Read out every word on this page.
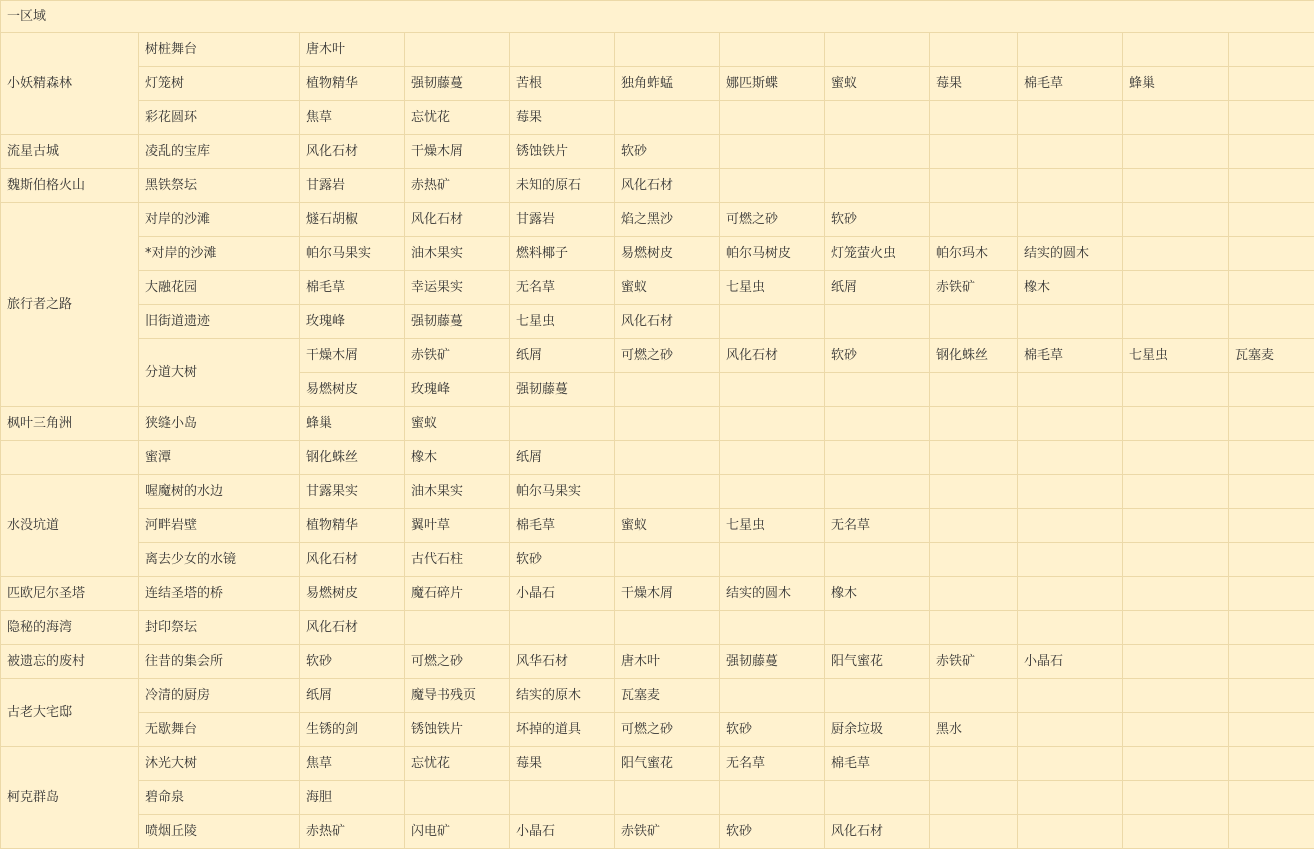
一区域											
小妖精森林	树桩舞台	唐木叶									
	灯笼树	植物精华	强韧藤蔓	苦根	独角蚱蜢	娜匹斯蝶	蜜蚁	莓果	棉毛草	蜂巢	
	彩花圆环	焦草	忘忧花	莓果							
流星古城	凌乱的宝库	风化石材	干燥木屑	锈蚀铁片	软砂						
魏斯伯格火山	黑铁祭坛	甘露岩	赤热矿	未知的原石	风化石材						
旅行者之路	对岸的沙滩	燧石胡椒	风化石材	甘露岩	焰之黑沙	可燃之砂	软砂				
	*对岸的沙滩	帕尔马果实	油木果实	燃料椰子	易燃树皮	帕尔马树皮	灯笼萤火虫	帕尔玛木	结实的圆木		
	大融花园	棉毛草	幸运果实	无名草	蜜蚁	七星虫	纸屑	赤铁矿	橡木		
	旧街道遗迹	玫瑰峰	强韧藤蔓	七星虫	风化石材						
	分道大树	干燥木屑	赤铁矿	纸屑	可燃之砂	风化石材	软砂	钢化蛛丝	棉毛草	七星虫	瓦塞麦
		易燃树皮	玫瑰峰	强韧藤蔓							
枫叶三角洲	狭缝小岛	蜂巢	蜜蚁								
	蜜潭	钢化蛛丝	橡木	纸屑							
水没坑道	喔魔树的水边	甘露果实	油木果实	帕尔马果实							
	河畔岩壁	植物精华	翼叶草	棉毛草	蜜蚁	七星虫	无名草				
	离去少女的水镜	风化石材	古代石柱	软砂							
匹欧尼尔圣塔	连结圣塔的桥	易燃树皮	魔石碎片	小晶石	干燥木屑	结实的圆木	橡木				
隐秘的海湾	封印祭坛	风化石材									
被遗忘的废村	往昔的集会所	软砂	可燃之砂	风华石材	唐木叶	强韧藤蔓	阳气蜜花	赤铁矿	小晶石		
古老大宅邸	冷清的厨房	纸屑	魔导书残页	结实的原木	瓦塞麦						
	无歇舞台	生锈的剑	锈蚀铁片	坏掉的道具	可燃之砂	软砂	厨余垃圾	黑水			
柯克群岛	沐光大树	焦草	忘忧花	莓果	阳气蜜花	无名草	棉毛草				
	碧命泉	海胆									
	喷烟丘陵	赤热矿	闪电矿	小晶石	赤铁矿	软砂	风化石材				
